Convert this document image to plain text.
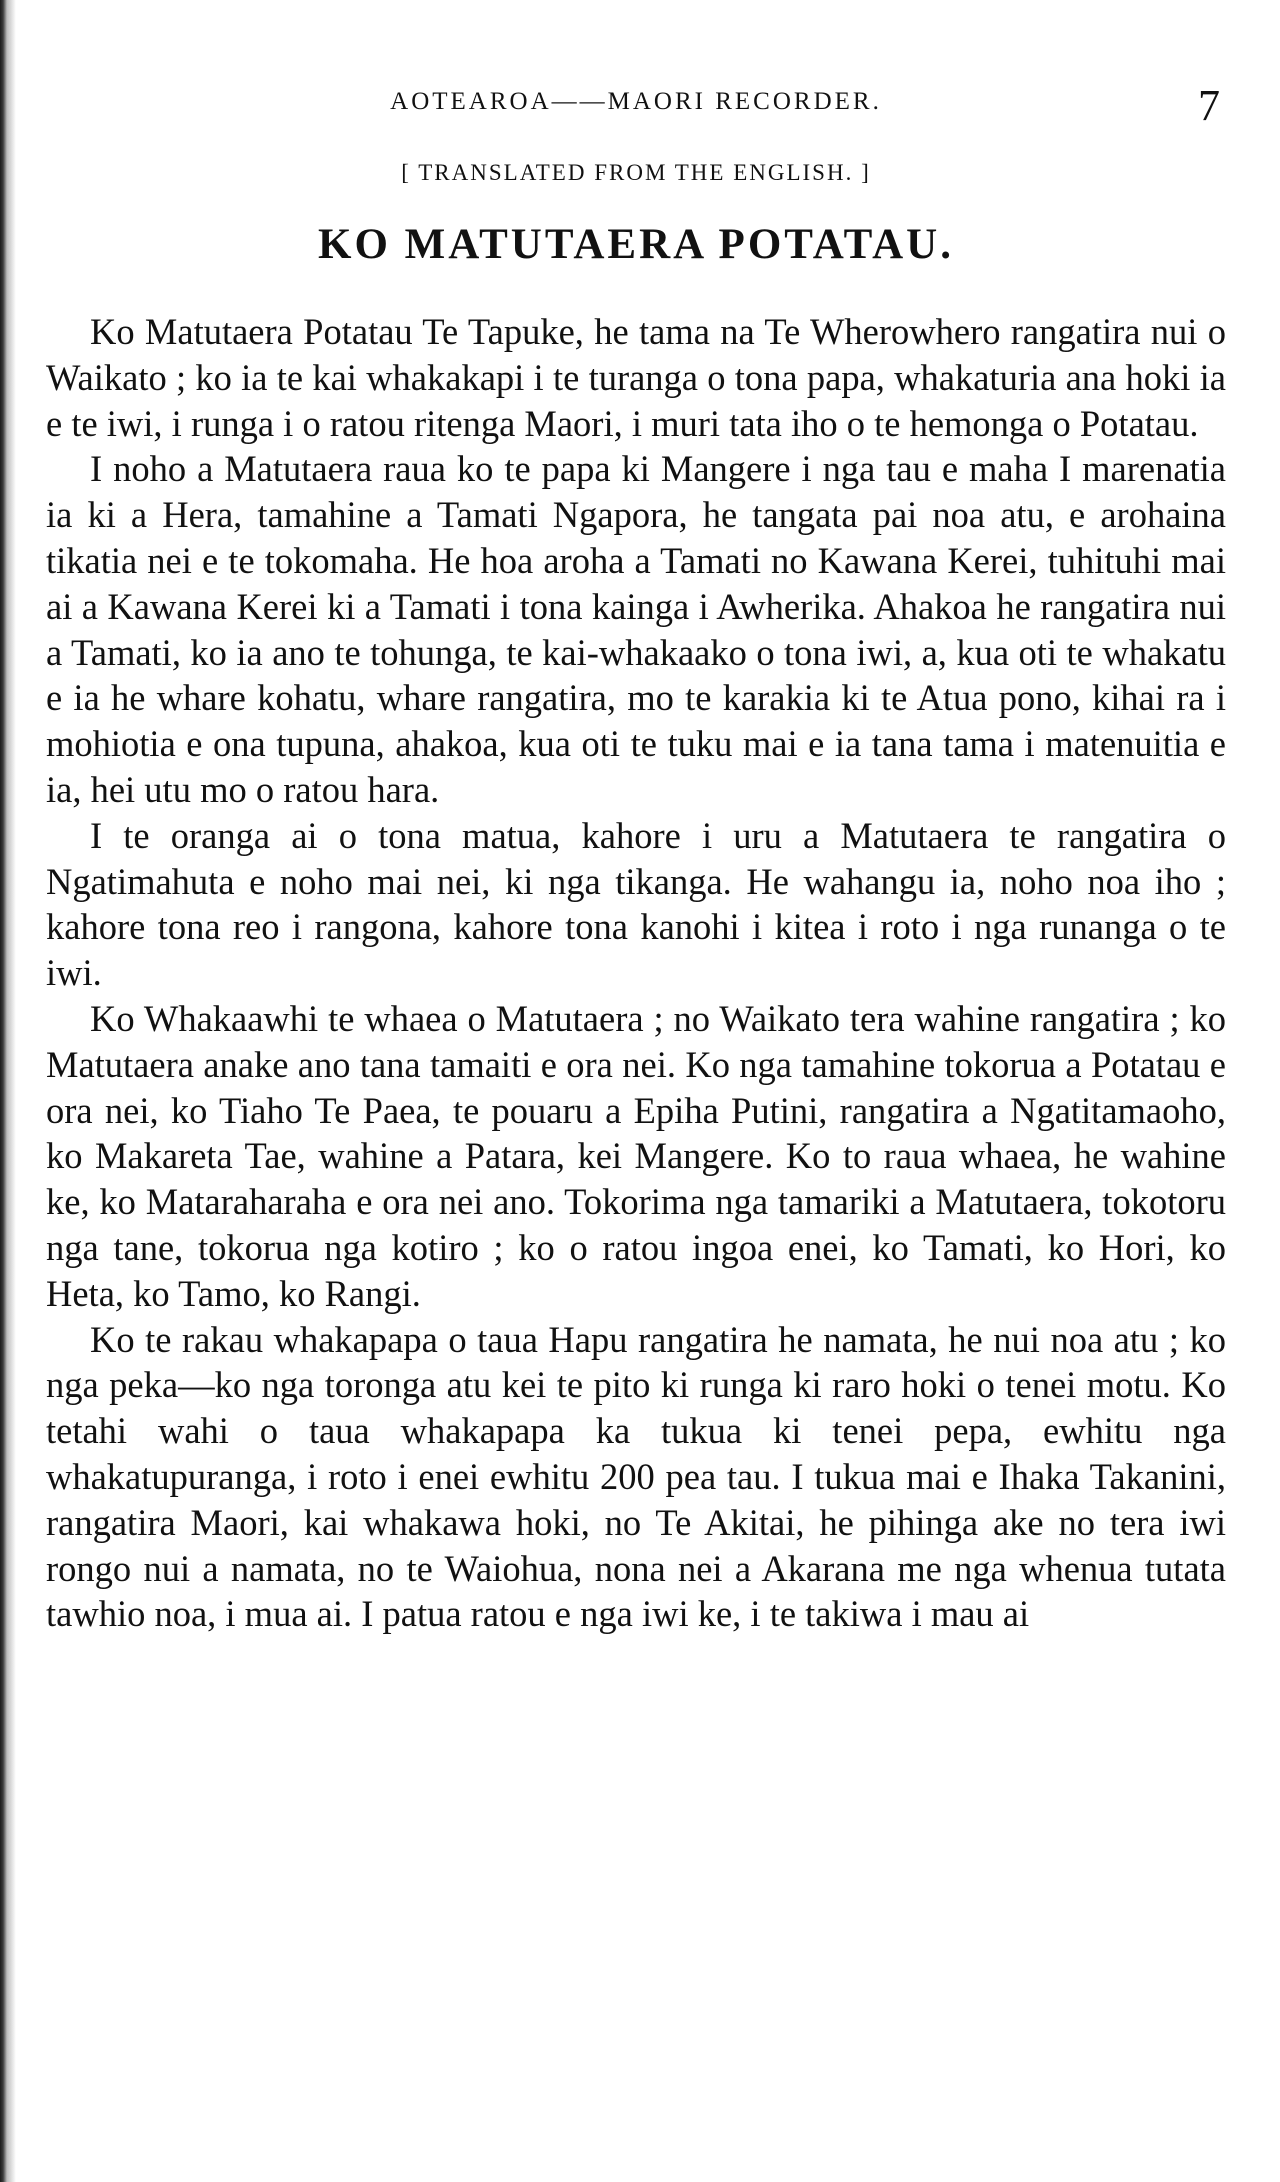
AOTEAROA——MAORI RECORDER.	7
[ TRANSLATED FROM THE ENGLISH. ]
KO MATUTAERA POTATAU.

Ko Matutaera Potatau Te Tapuke, he tama na Te Wherowhero rangatira nui o Waikato ; ko ia te kai whakakapi i te turanga o tona papa, whakaturia ana hoki ia e te iwi, i runga i o ratou ritenga Maori, i muri tata iho o te hemonga o Potatau.

I noho a Matutaera raua ko te papa ki Mangere i nga tau e maha I marenatia ia ki a Hera, tamahine a Tamati Ngapora, he tangata pai noa atu, e arohaina tikatia nei e te tokomaha. He hoa aroha a Tamati no Kawana Kerei, tuhituhi mai ai a Kawana Kerei ki a Tamati i tona kainga i Awherika. Ahakoa he rangatira nui a Tamati, ko ia ano te tohunga, te kai-whakaako o tona iwi, a, kua oti te whakatu e ia he whare kohatu, whare rangatira, mo te karakia ki te Atua pono, kihai ra i mohiotia e ona tupuna, ahakoa, kua oti te tuku mai e ia tana tama i matenuitia e ia, hei utu mo o ratou hara.

I te oranga ai o tona matua, kahore i uru a Matutaera te rangatira o Ngatimahuta e noho mai nei, ki nga tikanga. He wahangu ia, noho noa iho ; kahore tona reo i rangona, kahore tona kanohi i kitea i roto i nga runanga o te iwi.

Ko Whakaawhi te whaea o Matutaera ; no Waikato tera wahine rangatira ; ko Matutaera anake ano tana tamaiti e ora nei. Ko nga tamahine tokorua a Potatau e ora nei, ko Tiaho Te Paea, te pouaru a Epiha Putini, rangatira a Ngatitamaoho, ko Makareta Tae, wahine a Patara, kei Mangere. Ko to raua whaea, he wahine ke, ko Mataraharaha e ora nei ano. Tokorima nga tamariki a Matutaera, tokotoru nga tane, tokorua nga kotiro ; ko o ratou ingoa enei, ko Tamati, ko Hori, ko Heta, ko Tamo, ko Rangi.

Ko te rakau whakapapa o taua Hapu rangatira he namata, he nui noa atu ; ko nga peka—ko nga toronga atu kei te pito ki runga ki raro hoki o tenei motu. Ko tetahi wahi o taua whakapapa ka tukua ki tenei pepa, ewhitu nga whakatupuranga, i roto i enei ewhitu 200 pea tau. I tukua mai e Ihaka Takanini, rangatira Maori, kai whakawa hoki, no Te Akitai, he pihinga ake no tera iwi rongo nui a namata, no te Waiohua, nona nei a Akarana me nga whenua tutata tawhio noa, i mua ai. I patua ratou e nga iwi ke, i te takiwa i mau ai
